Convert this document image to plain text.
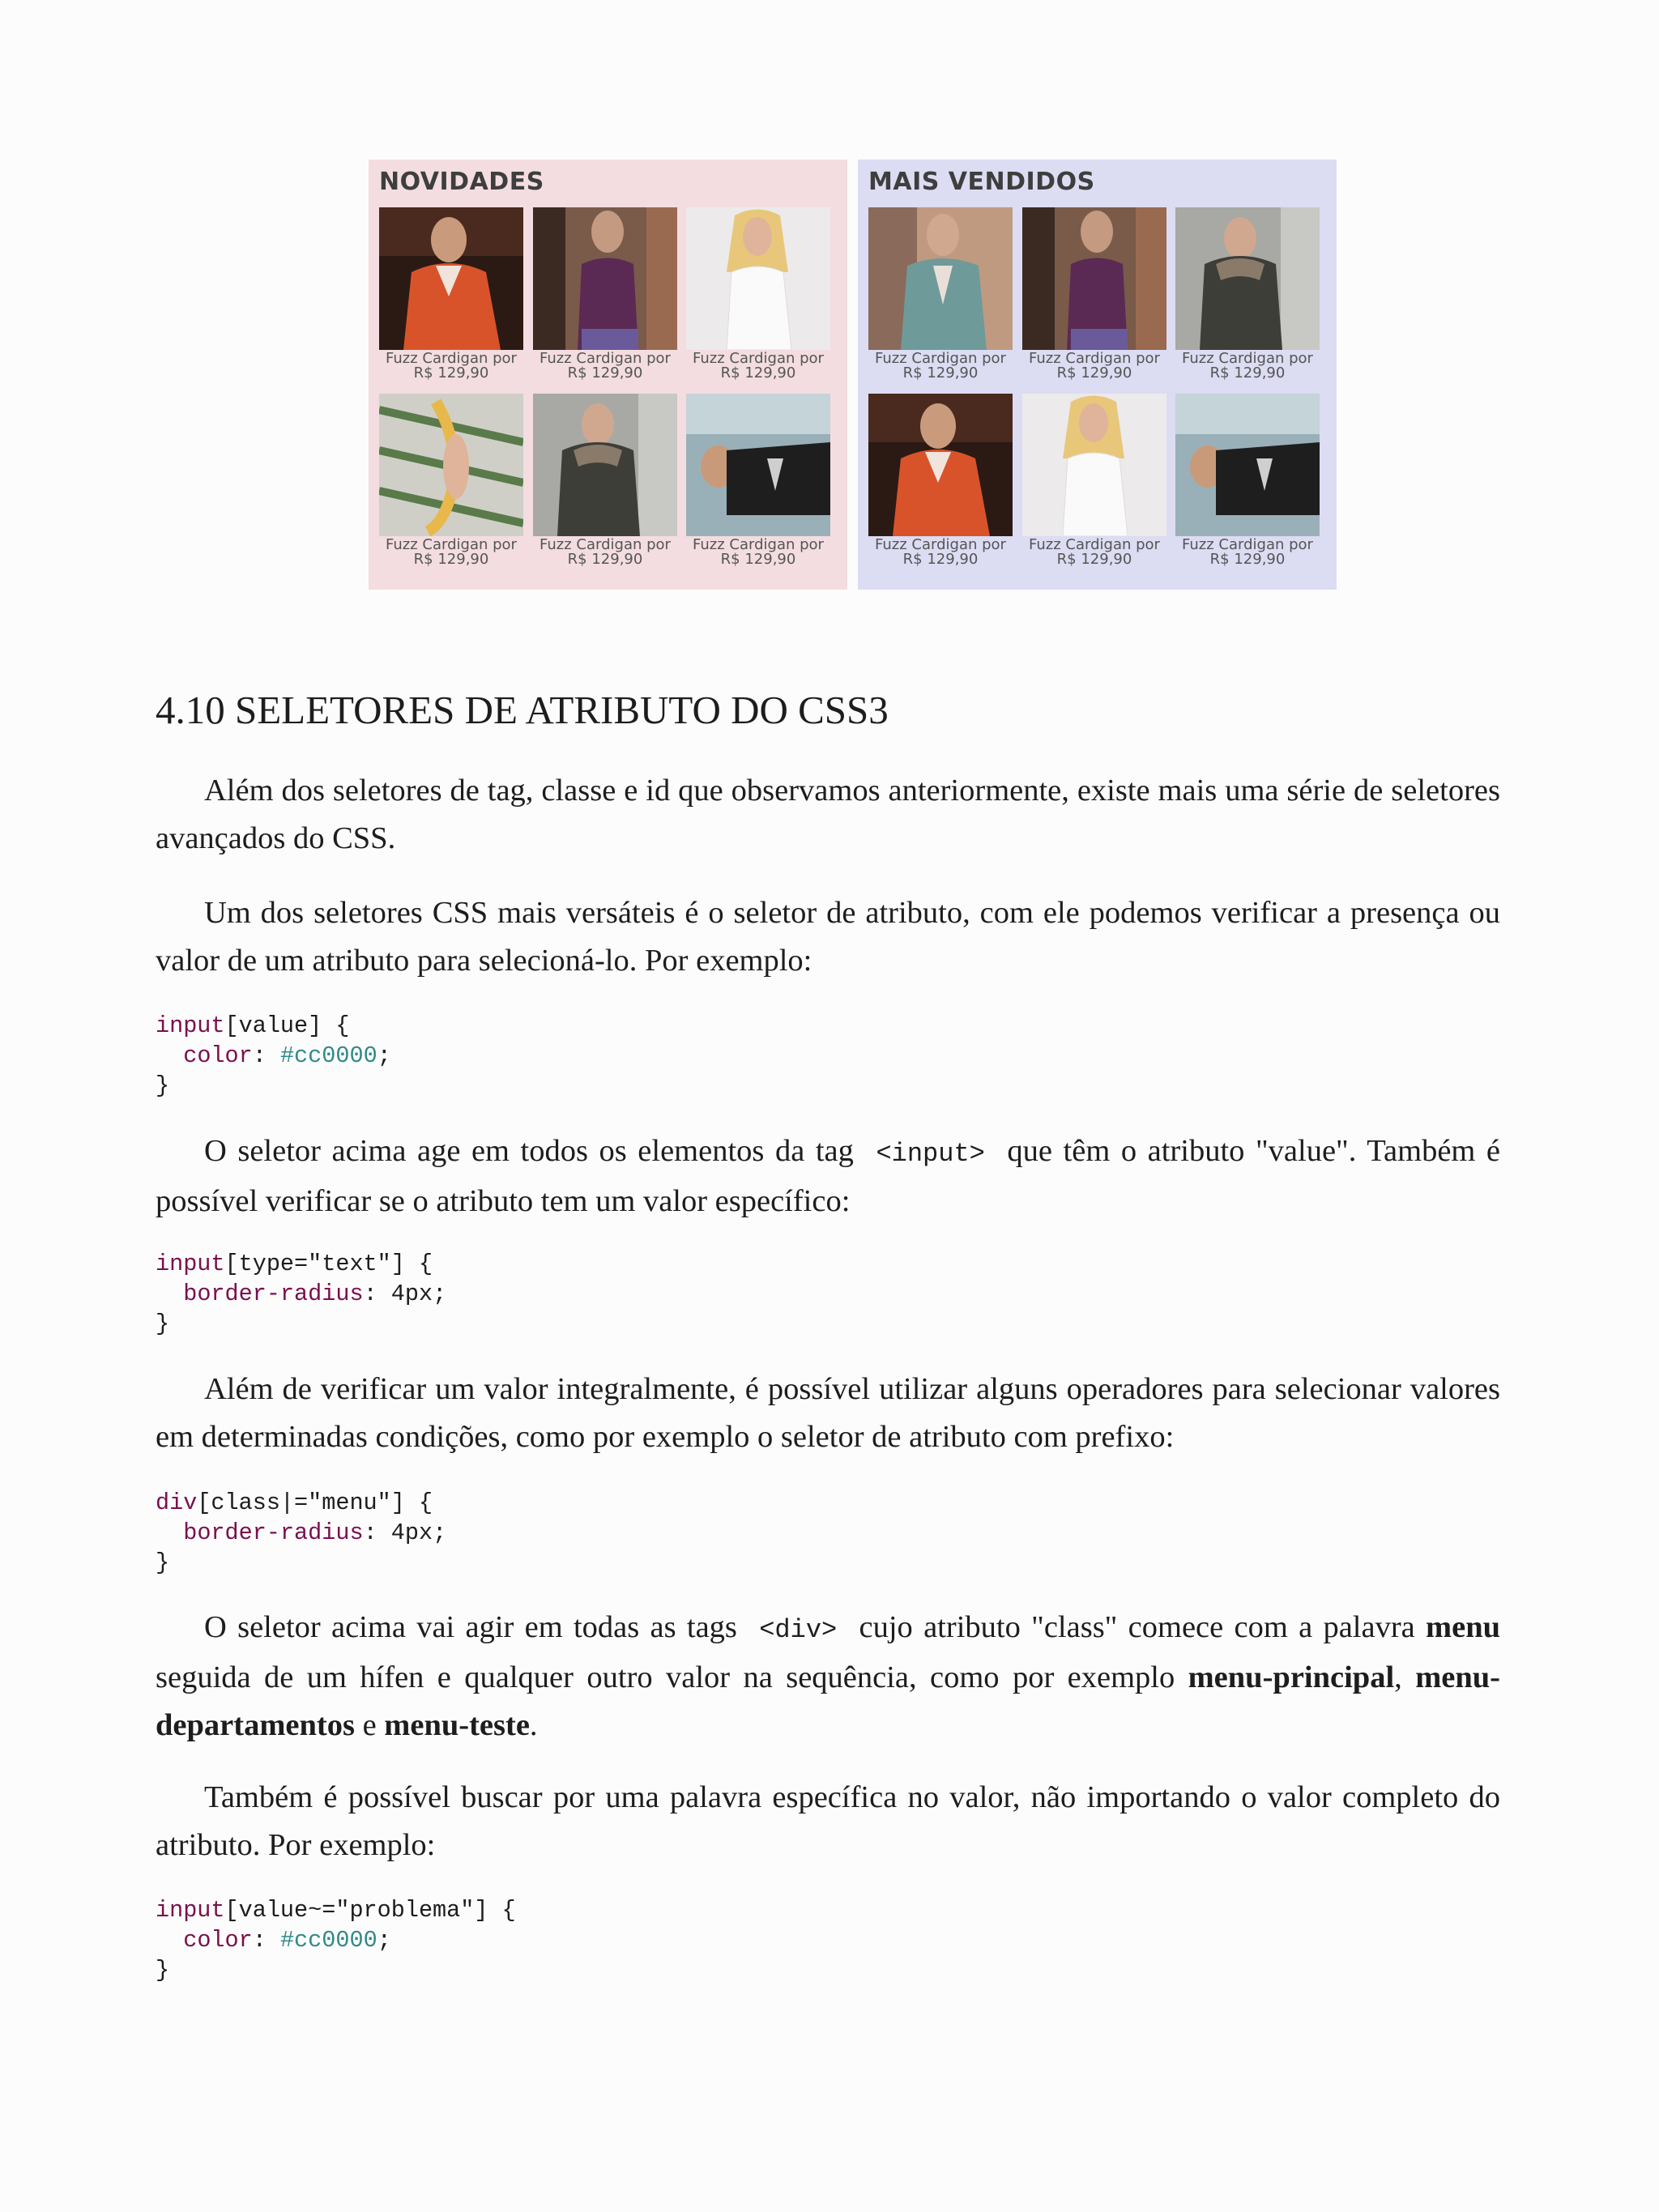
NOVIDADES
Fuzz Cardigan por
R$ 129,90
Fuzz Cardigan por
R$ 129,90
Fuzz Cardigan por
R$ 129,90
Fuzz Cardigan por
R$ 129,90
Fuzz Cardigan por
R$ 129,90
Fuzz Cardigan por
R$ 129,90
MAIS VENDIDOS
Fuzz Cardigan por
R$ 129,90
Fuzz Cardigan por
R$ 129,90
Fuzz Cardigan por
R$ 129,90
Fuzz Cardigan por
R$ 129,90
Fuzz Cardigan por
R$ 129,90
Fuzz Cardigan por
R$ 129,90
4.10 SELETORES DE ATRIBUTO DO CSS3

Além dos seletores de tag, classe e id que observamos anteriormente, existe mais uma série de seletores avançados do CSS.

Um dos seletores CSS mais versáteis é o seletor de atributo, com ele podemos verificar a presença ou valor de um atributo para selecioná-lo. Por exemplo:

input[value] {
color: #cc0000;
}

O seletor acima age em todos os elementos da tag <input> que têm o atributo "value". Também é possível verificar se o atributo tem um valor específico:

input[type="text"] {
border-radius: 4px;
}

Além de verificar um valor integralmente, é possível utilizar alguns operadores para selecionar valores em determinadas condições, como por exemplo o seletor de atributo com prefixo:

div[class|="menu"] {
border-radius: 4px;
}

O seletor acima vai agir em todas as tags <div> cujo atributo "class" comece com a palavra menu seguida de um hífen e qualquer outro valor na sequência, como por exemplo menu-principal, menu-departamentos e menu-teste.

Também é possível buscar por uma palavra específica no valor, não importando o valor completo do atributo. Por exemplo:

input[value~="problema"] {
color: #cc0000;
}
